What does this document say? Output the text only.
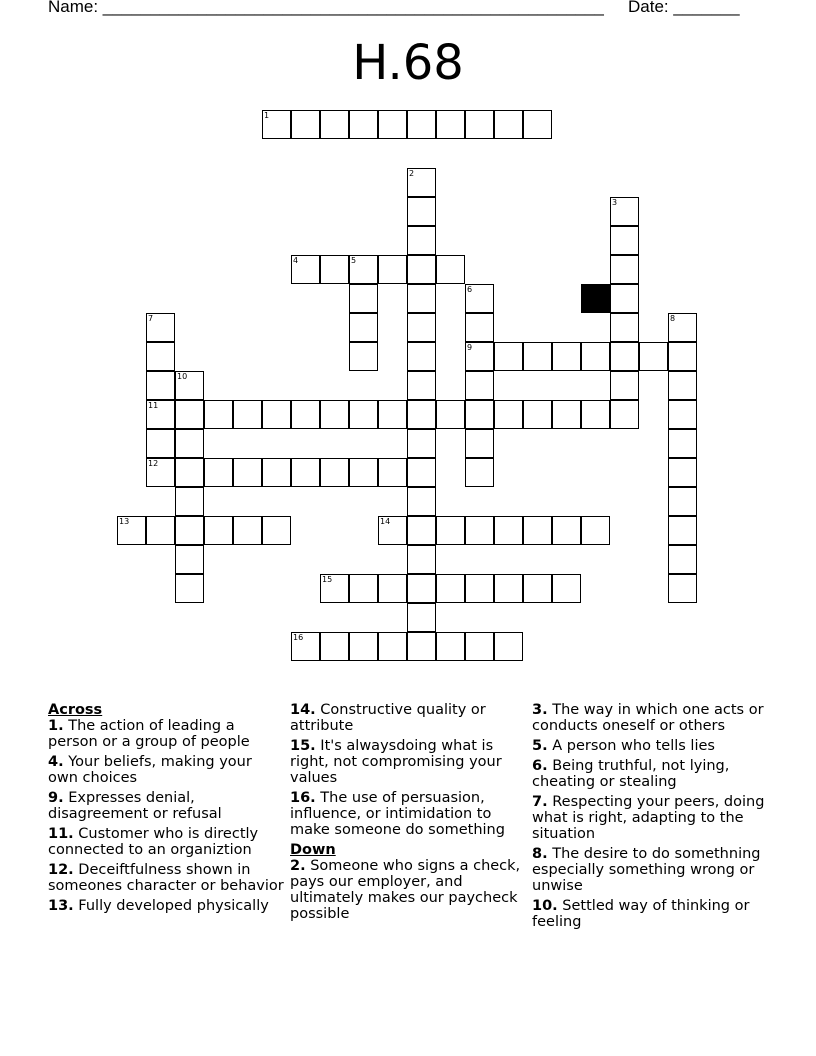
Name: _____________________________________________________

Date: _______

H.68
1
2
3
4	5
6
7	8
9
10
11
12
13	14
15
16
Across
1. The action of leading a person or a group of people
4. Your beliefs, making your own choices
9. Expresses denial, disagreement or refusal
11. Customer who is directly connected to an organiztion
12. Deceiftfulness shown in someones character or behavior
13. Fully developed physically
14. Constructive quality or attribute
15. It's alwaysdoing what is right, not compromising your values
16. The use of persuasion, influence, or intimidation to make someone do something
Down
2. Someone who signs a check, pays our employer, and ultimately makes our paycheck possible
3. The way in which one acts or conducts oneself or others
5. A person who tells lies
6. Being truthful, not lying, cheating or stealing
7. Respecting your peers, doing what is right, adapting to the situation
8. The desire to do somethning especially something wrong or unwise
10. Settled way of thinking or feeling
